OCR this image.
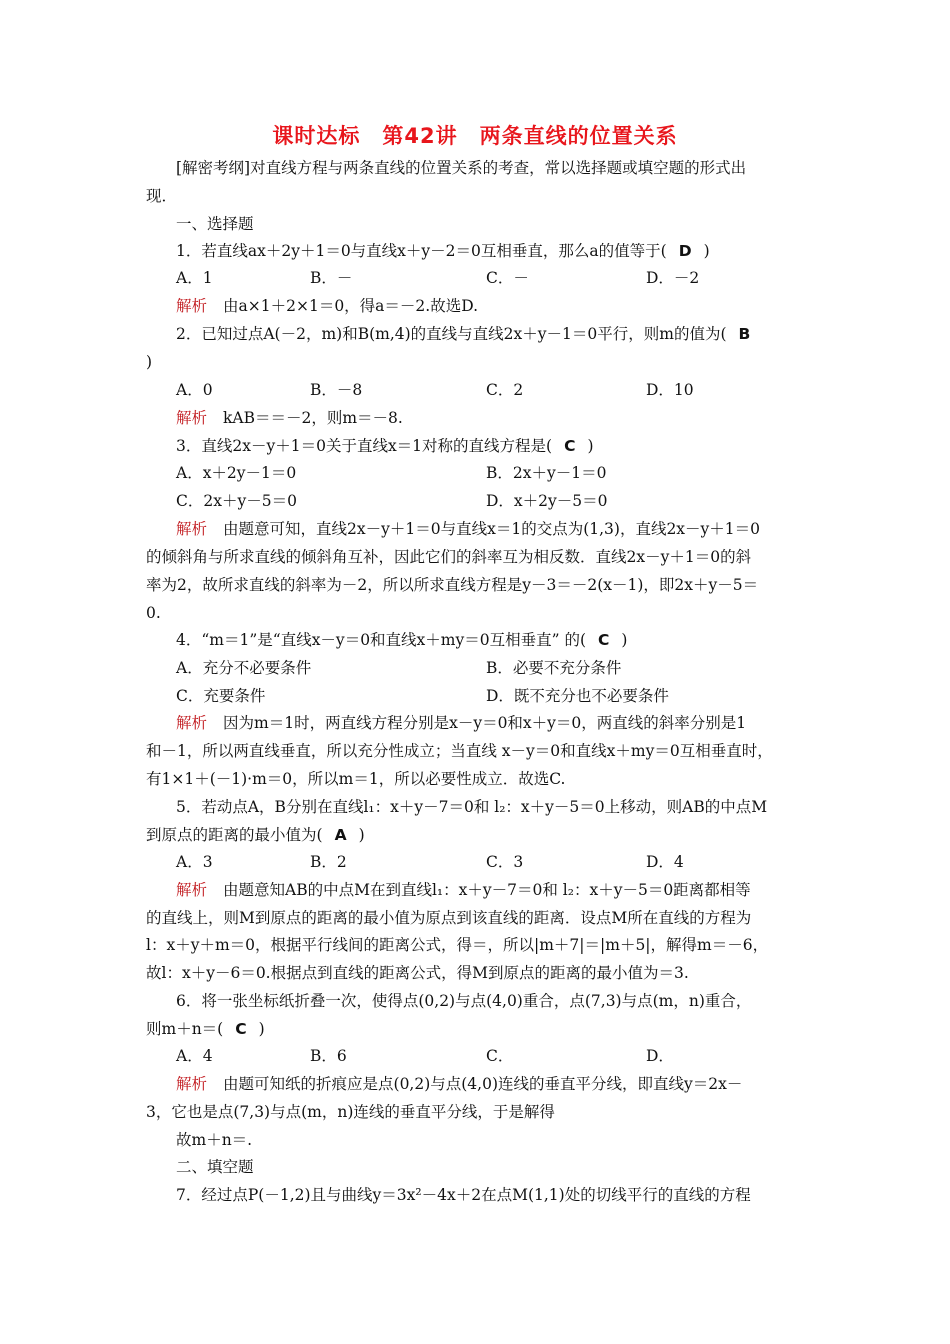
课时达标　第42讲　两条直线的位置关系
[解密考纲]对直线方程与两条直线的位置关系的考查，常以选择题或填空题的形式出
现．
一、选择题
1．若直线ax＋2y＋1＝0与直线x＋y－2＝0互相垂直，那么a的值等于( D )
A．1	B．－	C．－	D．－2
解析 由a×1＋2×1＝0，得a＝－2.故选D.
2．已知过点A(－2，m)和B(m,4)的直线与直线2x＋y－1＝0平行，则m的值为( B
)
A．0	B．－8	C．2	D．10
解析 kAB＝＝－2，则m＝－8.
3．直线2x－y＋1＝0关于直线x＝1对称的直线方程是( C )
A．x＋2y－1＝0	B．2x＋y－1＝0
C．2x＋y－5＝0	D．x＋2y－5＝0
解析 由题意可知，直线2x－y＋1＝0与直线x＝1的交点为(1,3)，直线2x－y＋1＝0
的倾斜角与所求直线的倾斜角互补，因此它们的斜率互为相反数．直线2x－y＋1＝0的斜
率为2，故所求直线的斜率为－2，所以所求直线方程是y－3＝－2(x－1)，即2x＋y－5＝
0.
4．“m＝1”是“直线x－y＝0和直线x＋my＝0互相垂直” 的( C )
A．充分不必要条件	B．必要不充分条件
C．充要条件	D．既不充分也不必要条件
解析 因为m＝1时，两直线方程分别是x－y＝0和x＋y＝0，两直线的斜率分别是1
和－1，所以两直线垂直，所以充分性成立；当直线 x－y＝0和直线x＋my＝0互相垂直时，
有1×1＋(－1)·m＝0，所以m＝1，所以必要性成立．故选C.
5．若动点A，B分别在直线l₁：x＋y－7＝0和 l₂：x＋y－5＝0上移动，则AB的中点M
到原点的距离的最小值为( A )
A．3	B．2	C．3	D．4
解析 由题意知AB的中点M在到直线l₁：x＋y－7＝0和 l₂：x＋y－5＝0距离都相等
的直线上，则M到原点的距离的最小值为原点到该直线的距离．设点M所在直线的方程为
l：x＋y＋m＝0，根据平行线间的距离公式，得＝，所以|m＋7|＝|m＋5|，解得m＝－6，
故l：x＋y－6＝0.根据点到直线的距离公式，得M到原点的距离的最小值为＝3.
6．将一张坐标纸折叠一次，使得点(0,2)与点(4,0)重合，点(7,3)与点(m，n)重合，
则m＋n＝( C )
A．4	B．6	C．	D．
解析 由题可知纸的折痕应是点(0,2)与点(4,0)连线的垂直平分线，即直线y＝2x－
3，它也是点(7,3)与点(m，n)连线的垂直平分线，于是解得
故m＋n＝.
二、填空题
7．经过点P(－1,2)且与曲线y＝3x²－4x＋2在点M(1,1)处的切线平行的直线的方程
